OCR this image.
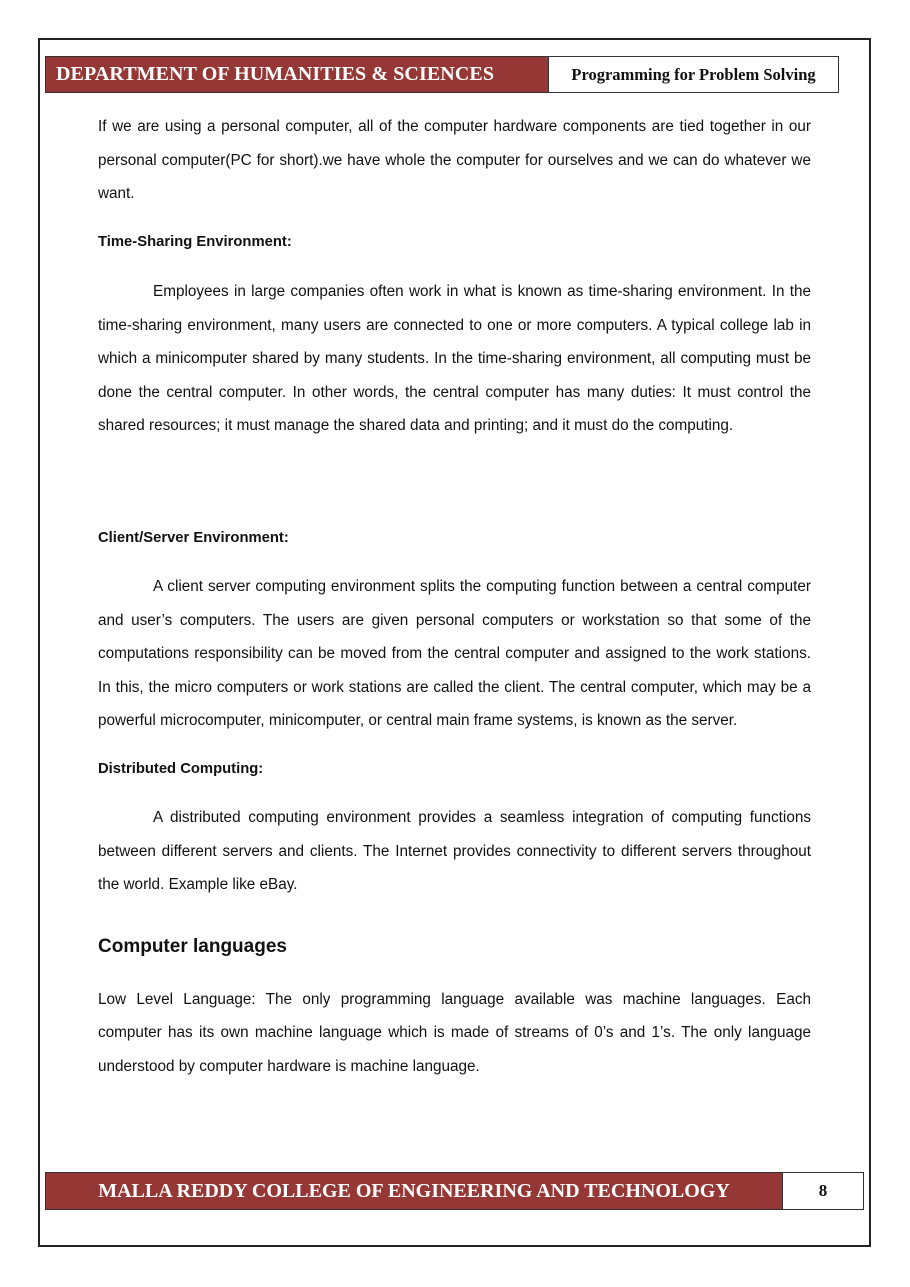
DEPARTMENT OF HUMANITIES & SCIENCES	Programming for Problem Solving

If we are using a personal computer, all of the computer hardware components are tied together in our personal computer(PC for short).we have whole the computer for ourselves and we can do whatever we want.

Time-Sharing Environment:

Employees in large companies often work in what is known as time-sharing environment. In the time-sharing environment, many users are connected to one or more computers. A typical college lab in which a minicomputer shared by many students. In the time-sharing environment, all computing must be done the central computer. In other words, the central computer has many duties: It must control the shared resources; it must manage the shared data and printing; and it must do the computing.

Client/Server Environment:

A client server computing environment splits the computing function between a central computer and user’s computers. The users are given personal computers or workstation so that some of the computations responsibility can be moved from the central computer and assigned to the work stations. In this, the micro computers or work stations are called the client. The central computer, which may be a powerful microcomputer, minicomputer, or central main frame systems, is known as the server.

Distributed Computing:

A distributed computing environment provides a seamless integration of computing functions between different servers and clients. The Internet provides connectivity to different servers throughout the world. Example like eBay.

Computer languages

Low Level Language: The only programming language available was machine languages. Each computer has its own machine language which is made of streams of 0’s and 1’s. The only language understood by computer hardware is machine language.

MALLA REDDY COLLEGE OF ENGINEERING AND TECHNOLOGY	8
